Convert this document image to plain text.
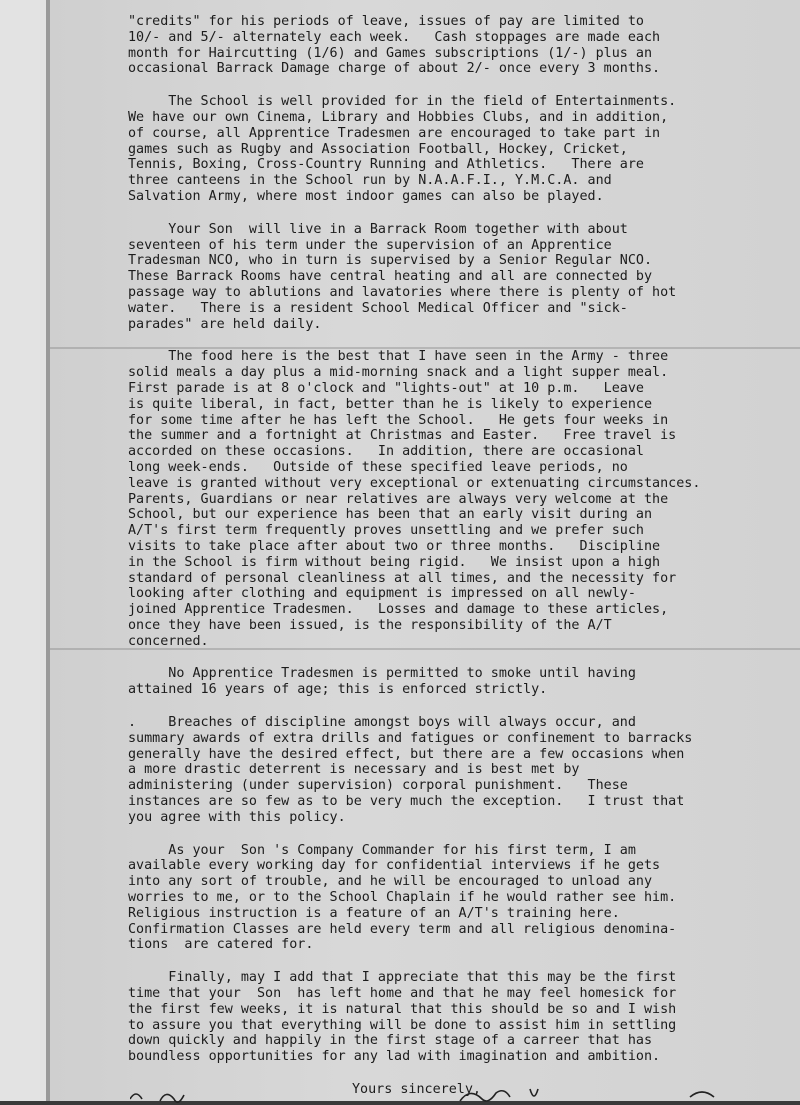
"credits" for his periods of leave, issues of pay are limited to
10/- and 5/- alternately each week.   Cash stoppages are made each
month for Haircutting (1/6) and Games subscriptions (1/-) plus an
occasional Barrack Damage charge of about 2/- once every 3 months.

The School is well provided for in the field of Entertainments.
We have our own Cinema, Library and Hobbies Clubs, and in addition,
of course, all Apprentice Tradesmen are encouraged to take part in
games such as Rugby and Association Football, Hockey, Cricket,
Tennis, Boxing, Cross-Country Running and Athletics.   There are
three canteens in the School run by N.A.A.F.I., Y.M.C.A. and
Salvation Army, where most indoor games can also be played.

Your Son  will live in a Barrack Room together with about
seventeen of his term under the supervision of an Apprentice
Tradesman NCO, who in turn is supervised by a Senior Regular NCO.
These Barrack Rooms have central heating and all are connected by
passage way to ablutions and lavatories where there is plenty of hot
water.   There is a resident School Medical Officer and "sick-
parades" are held daily.

The food here is the best that I have seen in the Army - three
solid meals a day plus a mid-morning snack and a light supper meal.
First parade is at 8 o'clock and "lights-out" at 10 p.m.   Leave
is quite liberal, in fact, better than he is likely to experience
for some time after he has left the School.   He gets four weeks in
the summer and a fortnight at Christmas and Easter.   Free travel is
accorded on these occasions.   In addition, there are occasional
long week-ends.   Outside of these specified leave periods, no
leave is granted without very exceptional or extenuating circumstances.
Parents, Guardians or near relatives are always very welcome at the
School, but our experience has been that an early visit during an
A/T's first term frequently proves unsettling and we prefer such
visits to take place after about two or three months.   Discipline
in the School is firm without being rigid.   We insist upon a high
standard of personal cleanliness at all times, and the necessity for
looking after clothing and equipment is impressed on all newly-
joined Apprentice Tradesmen.   Losses and damage to these articles,
once they have been issued, is the responsibility of the A/T
concerned.

No Apprentice Tradesmen is permitted to smoke until having
attained 16 years of age; this is enforced strictly.

.    Breaches of discipline amongst boys will always occur, and
summary awards of extra drills and fatigues or confinement to barracks
generally have the desired effect, but there are a few occasions when
a more drastic deterrent is necessary and is best met by
administering (under supervision) corporal punishment.   These
instances are so few as to be very much the exception.   I trust that
you agree with this policy.

As your  Son 's Company Commander for his first term, I am
available every working day for confidential interviews if he gets
into any sort of trouble, and he will be encouraged to unload any
worries to me, or to the School Chaplain if he would rather see him.
Religious instruction is a feature of an A/T's training here.
Confirmation Classes are held every term and all religious denomina-
tions  are catered for.

Finally, may I add that I appreciate that this may be the first
time that your  Son  has left home and that he may feel homesick for
the first few weeks, it is natural that this should be so and I wish
to assure you that everything will be done to assist him in settling
down quickly and happily in the first stage of a carreer that has
boundless opportunities for any lad with imagination and ambition.

Yours sincerely,
